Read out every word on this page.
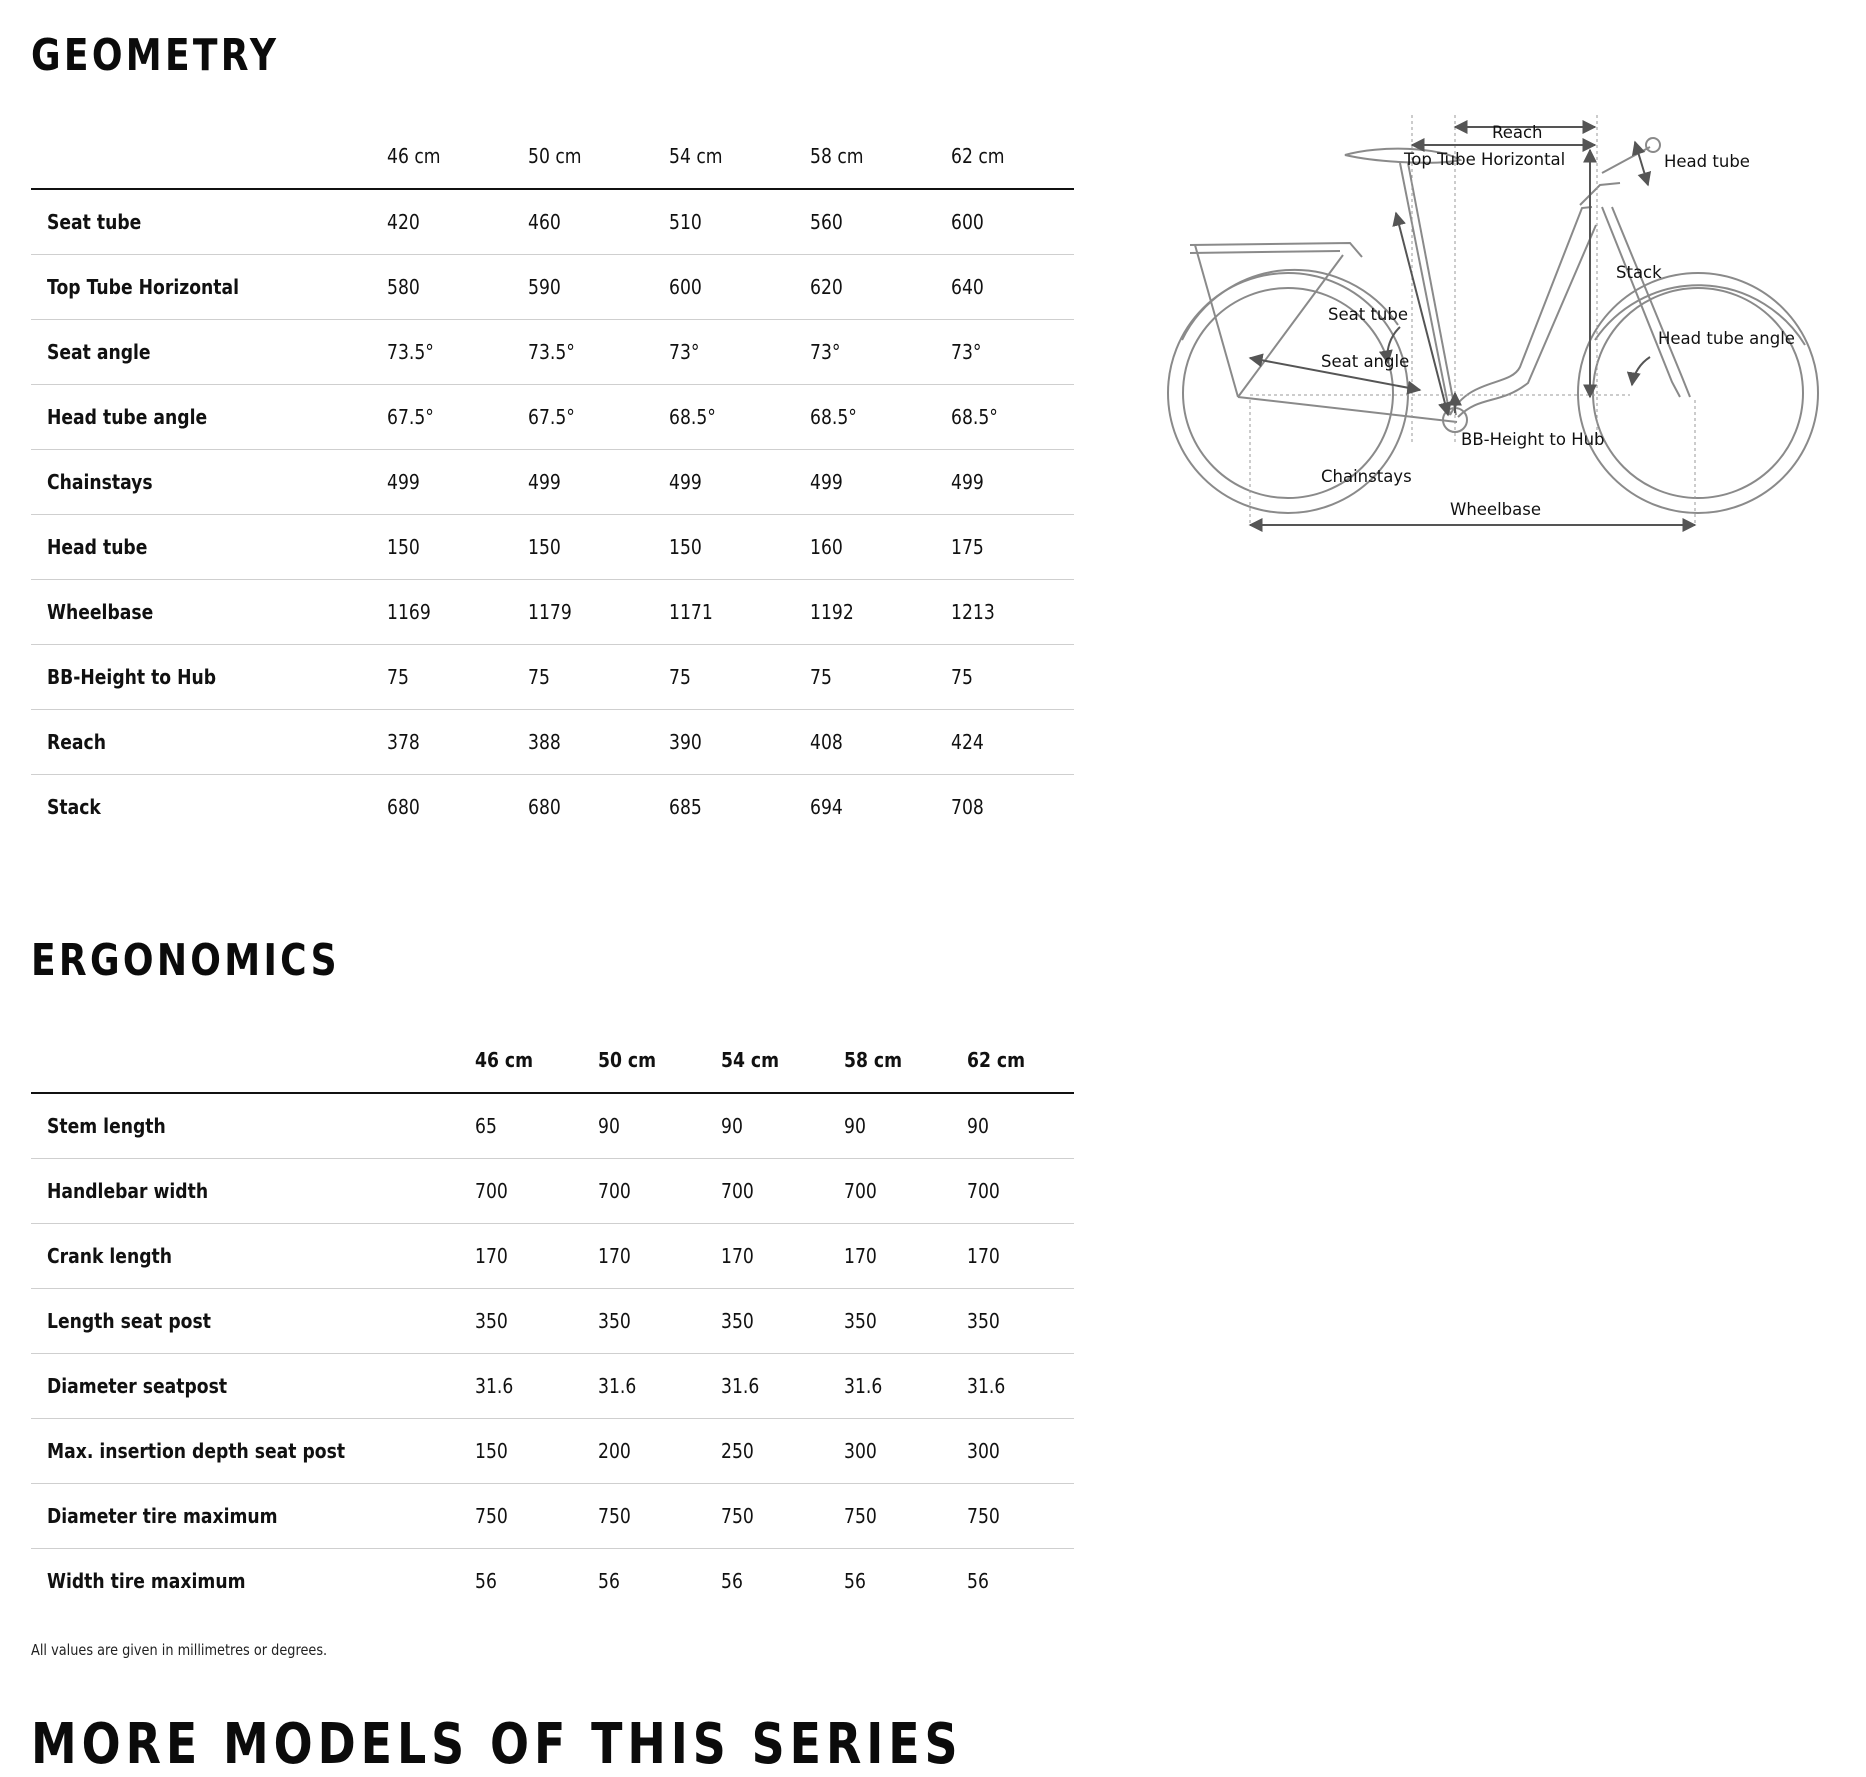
GEOMETRY
	46 cm	50 cm	54 cm	58 cm	62 cm	
Seat tube	420	460	510	560	600	
Top Tube Horizontal	580	590	600	620	640	
Seat angle	73.5°	73.5°	73°	73°	73°	
Head tube angle	67.5°	67.5°	68.5°	68.5°	68.5°	
Chainstays	499	499	499	499	499	
Head tube	150	150	150	160	175	
Wheelbase	1169	1179	1171	1192	1213	
BB-Height to Hub	75	75	75	75	75	
Reach	378	388	390	408	424	
Stack	680	680	685	694	708	
Reach
Top Tube Horizontal	Head tube
Stack
Seat tube
Head tube angle
Seat angle
BB-Height to Hub
Chainstays
Wheelbase
ERGONOMICS
	46 cm	50 cm	54 cm	58 cm	62 cm	
Stem length	65	90	90	90	90	
Handlebar width	700	700	700	700	700	
Crank length	170	170	170	170	170	
Length seat post	350	350	350	350	350	
Diameter seatpost	31.6	31.6	31.6	31.6	31.6	
Max. insertion depth seat post	150	200	250	300	300	
Diameter tire maximum	750	750	750	750	750	
Width tire maximum	56	56	56	56	56	

All values are given in millimetres or degrees.

MORE MODELS OF THIS SERIES
